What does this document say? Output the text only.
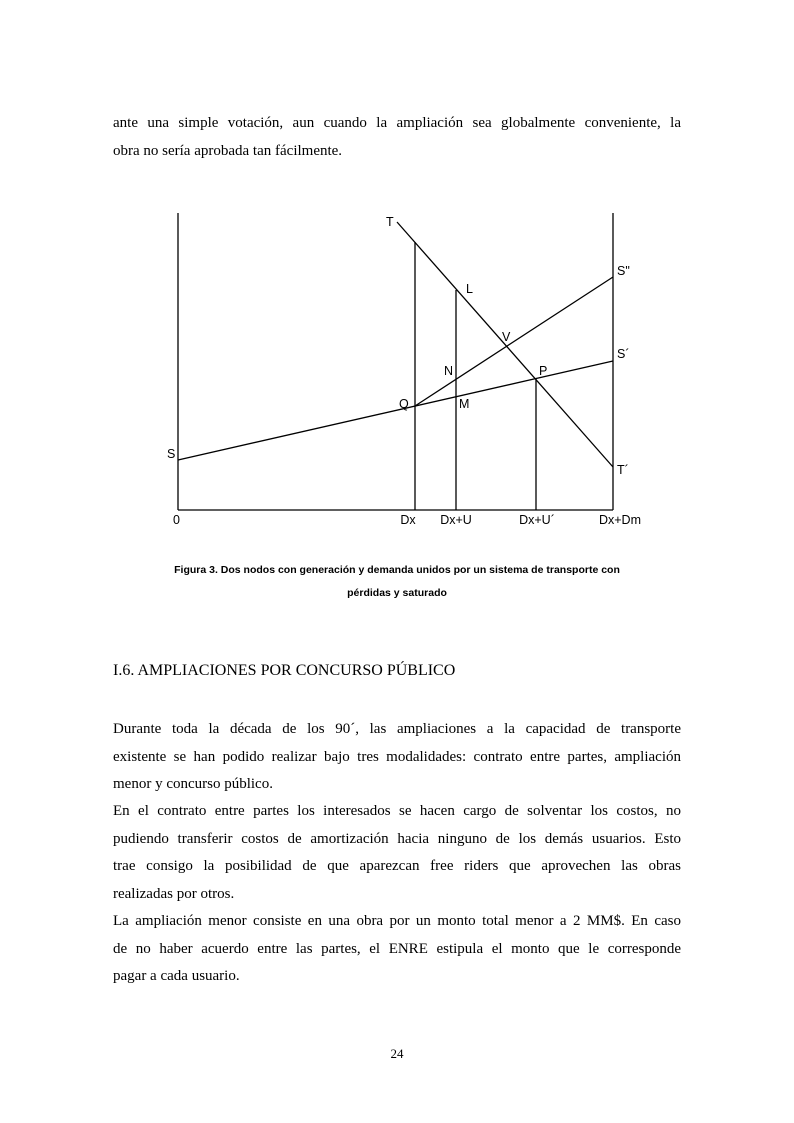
ante una simple votación, aun cuando la ampliación sea globalmente conveniente, la
obra no sería aprobada tan fácilmente.

T
S"
L
V
S´
N	P
Q	M
S
T´
0	Dx Dx+U	Dx+U´	Dx+Dm

Figura 3. Dos nodos con generación y demanda unidos por un sistema de transporte con

pérdidas y saturado

I.6. AMPLIACIONES POR CONCURSO PÚBLICO

Durante toda la década de los 90´, las ampliaciones a la capacidad de transporte
existente se han podido realizar bajo tres modalidades: contrato entre partes, ampliación
menor y concurso público.

En el contrato entre partes los interesados se hacen cargo de solventar los costos, no
pudiendo transferir costos de amortización hacia ninguno de los demás usuarios. Esto
trae consigo la posibilidad de que aparezcan free riders que aprovechen las obras
realizadas por otros.

La ampliación menor consiste en una obra por un monto total menor a 2 MM$. En caso
de no haber acuerdo entre las partes, el ENRE estipula el monto que le corresponde
pagar a cada usuario.

24
